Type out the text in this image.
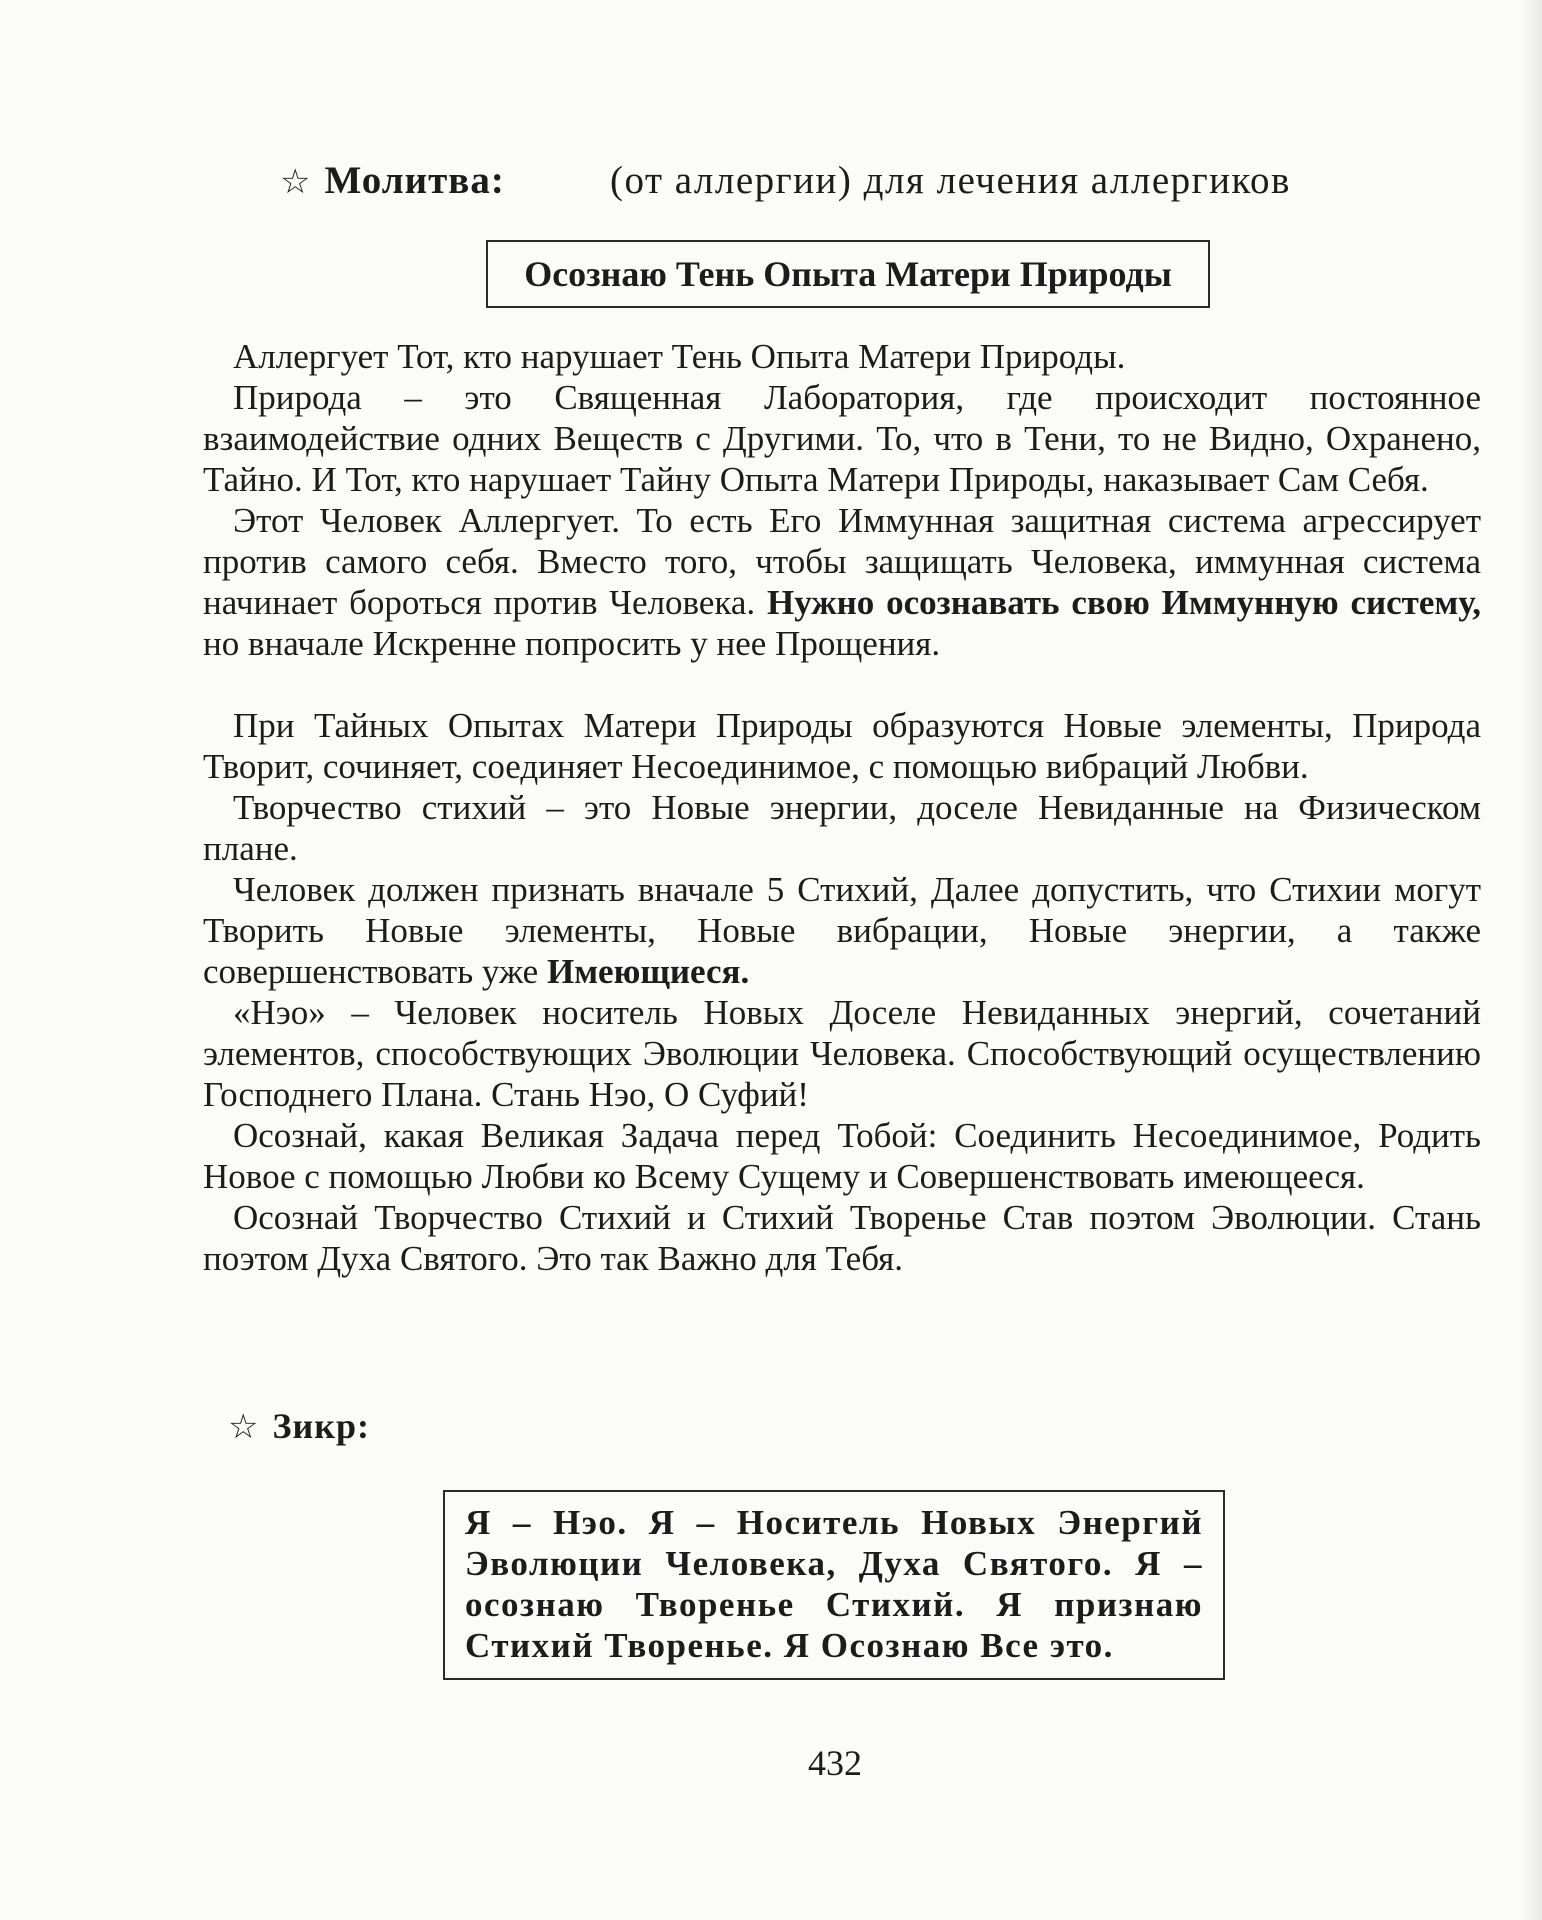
☆ Молитва:	(от аллергии) для лечения аллергиков
Осознаю Тень Опыта Матери Природы

Аллергует Тот, кто нарушает Тень Опыта Матери Природы.

Природа – это Священная Лаборатория, где происходит постоянное взаимодействие одних Веществ с Другими. То, что в Тени, то не Видно, Охранено, Тайно. И Тот, кто нарушает Тайну Опыта Матери Природы, наказывает Сам Себя.

Этот Человек Аллергует. То есть Его Иммунная защитная система агрессирует против самого себя. Вместо того, чтобы защищать Человека, иммунная система начинает бороться против Человека. Нужно осознавать свою Иммунную систему, но вначале Искренне попросить у нее Прощения.

При Тайных Опытах Матери Природы образуются Новые элементы, Природа Творит, сочиняет, соединяет Несоединимое, с помощью вибраций Любви.

Творчество стихий – это Новые энергии, доселе Невиданные на Физическом плане.

Человек должен признать вначале 5 Стихий, Далее допустить, что Стихии могут Творить Новые элементы, Новые вибрации, Новые энергии, а также совершенствовать уже Имеющиеся.

«Нэо» – Человек носитель Новых Доселе Невиданных энергий, сочетаний элементов, способствующих Эволюции Человека. Способствующий осуществлению Господнего Плана. Стань Нэо, О Суфий!

Осознай, какая Великая Задача перед Тобой: Соединить Несоединимое, Родить Новое с помощью Любви ко Всему Сущему и Совершенствовать имеющееся.

Осознай Творчество Стихий и Стихий Творенье Став поэтом Эволюции. Стань поэтом Духа Святого. Это так Важно для Тебя.

☆ Зикр:
Я – Нэо. Я – Носитель Новых Энергий Эволюции Человека, Духа Святого. Я – осознаю Творенье Стихий. Я признаю Стихий Творенье. Я Осознаю Все это.
432
